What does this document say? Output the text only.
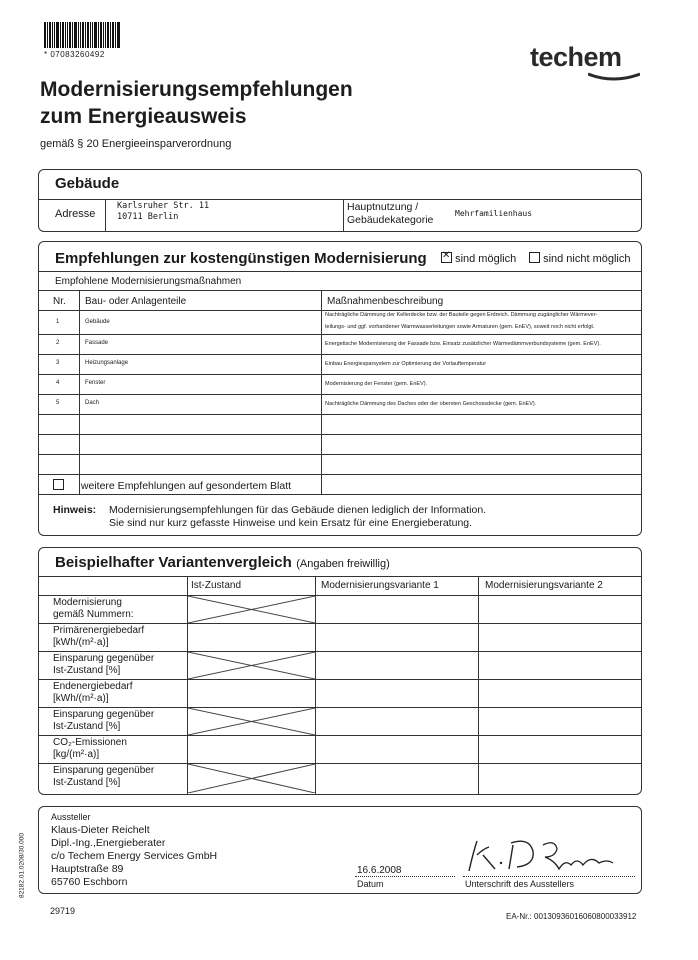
* 07083260492	techem
Modernisierungsempfehlungen
zum Energieausweis
gemäß § 20 Energieeinsparverordnung
Gebäude
Adresse
Karlsruher Str. 11
10711 Berlin
Hauptnutzung /
Gebäudekategorie
Mehrfamilienhaus
Empfehlungen zur kostengünstigen Modernisierung ✕	sind möglich	sind nicht möglich
Empfohlene Modernisierungsmaßnahmen
Nr. Bau- oder Anlagenteile	Maßnahmenbeschreibung
1	Gebäude
Nachträgliche Dämmung der Kellerdecke bzw. der Bauteile gegen Erdreich. Dämmung zugänglicher Wärmever-
teilungs- und ggf. vorhandener Warmwasserleitungen sowie Armaturen (gem. EnEV), soweit noch nicht erfolgt.
2	Fassade	Energetische Modernisierung der Fassade bzw. Einsatz zusätzlicher Wärmedämmverbundsysteme (gem. EnEV).
3	Heizungsanlage	Einbau Energiesparsystem zur Optimierung der Vorlauftemperatur
4	Fenster	Modernisierung der Fenster (gem. EnEV).
5	Dach	Nachträgliche Dämmung des Daches oder der obersten Geschossdecke (gem. EnEV).
weitere Empfehlungen auf gesondertem Blatt
Hinweis: Modernisierungsempfehlungen für das Gebäude dienen lediglich der Information.
Sie sind nur kurz gefasste Hinweise und kein Ersatz für eine Energieberatung.
Beispielhafter Variantenvergleich (Angaben freiwillig)
Ist-Zustand	Modernisierungsvariante 1	Modernisierungsvariante 2
Modernisierung
gemäß Nummern:
Primärenergiebedarf
[kWh/(m²·a)]
Einsparung gegenüber
Ist-Zustand [%]
Endenergiebedarf
[kWh/(m²·a)]
Einsparung gegenüber
Ist-Zustand [%]
CO₂-Emissionen
[kg/(m²·a)]
Einsparung gegenüber
Ist-Zustand [%]
Aussteller
Klaus-Dieter Reichelt
Dipl.-Ing.,Energieberater
c/o Techem Energy Services GmbH
Hauptstraße 89
65760 Eschborn
16.6.2008
Datum	Unterschrift des Ausstellers
29719
82182.01.0208/30.000
EA-Nr.: 00130936016060800033912
